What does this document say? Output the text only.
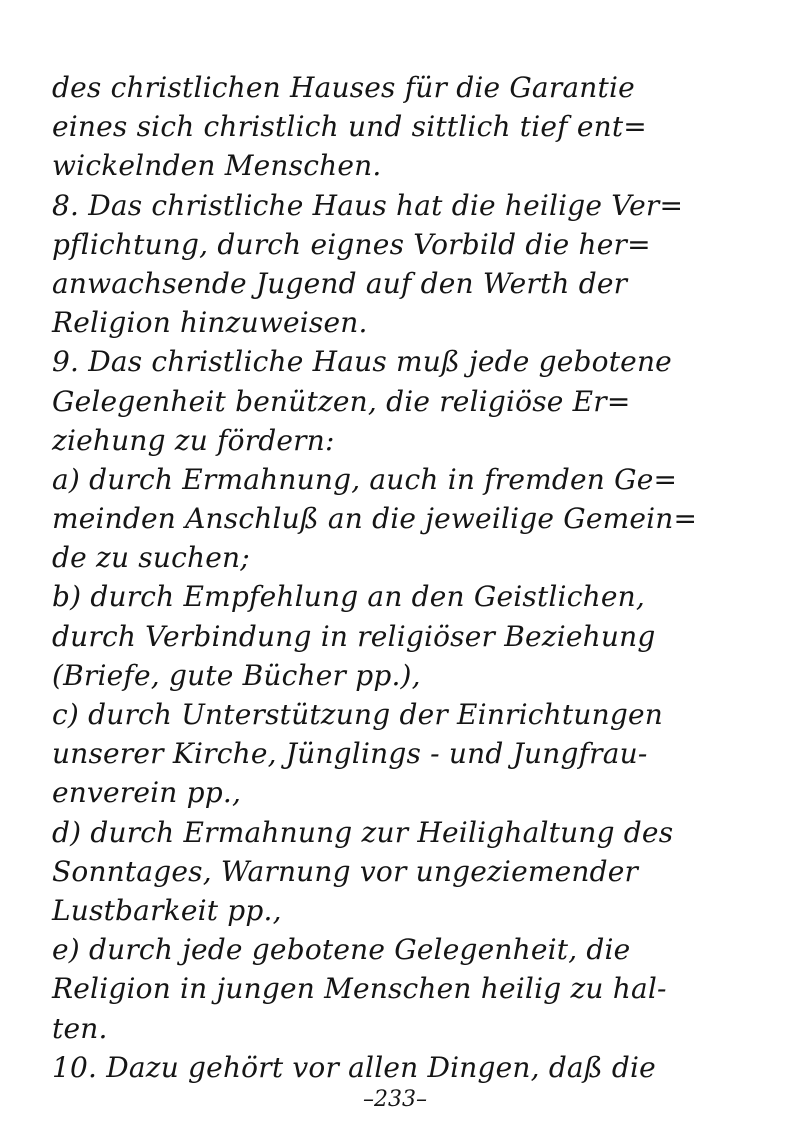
des christlichen Hauses für die Garantie
eines sich christlich und sittlich tief ent=
wickelnden Menschen.
8. Das christliche Haus hat die heilige Ver=
pflichtung, durch eignes Vorbild die her=
anwachsende Jugend auf den Werth der
Religion hinzuweisen.
9. Das christliche Haus muß jede gebotene
Gelegenheit benützen, die religiöse Er=
ziehung zu fördern:
a) durch Ermahnung, auch in fremden Ge=
meinden Anschluß an die jeweilige Gemein=
de zu suchen;
b) durch Empfehlung an den Geistlichen,
durch Verbindung in religiöser Beziehung
(Briefe, gute Bücher pp.),
c) durch Unterstützung der Einrichtungen
unserer Kirche, Jünglings - und Jungfrau-
enverein pp.,
d) durch Ermahnung zur Heilighaltung des
Sonntages, Warnung vor ungeziemender
Lustbarkeit pp.,
e) durch jede gebotene Gelegenheit, die
Religion in jungen Menschen heilig zu hal-
ten.
10. Dazu gehört vor allen Dingen, daß die
–233–
